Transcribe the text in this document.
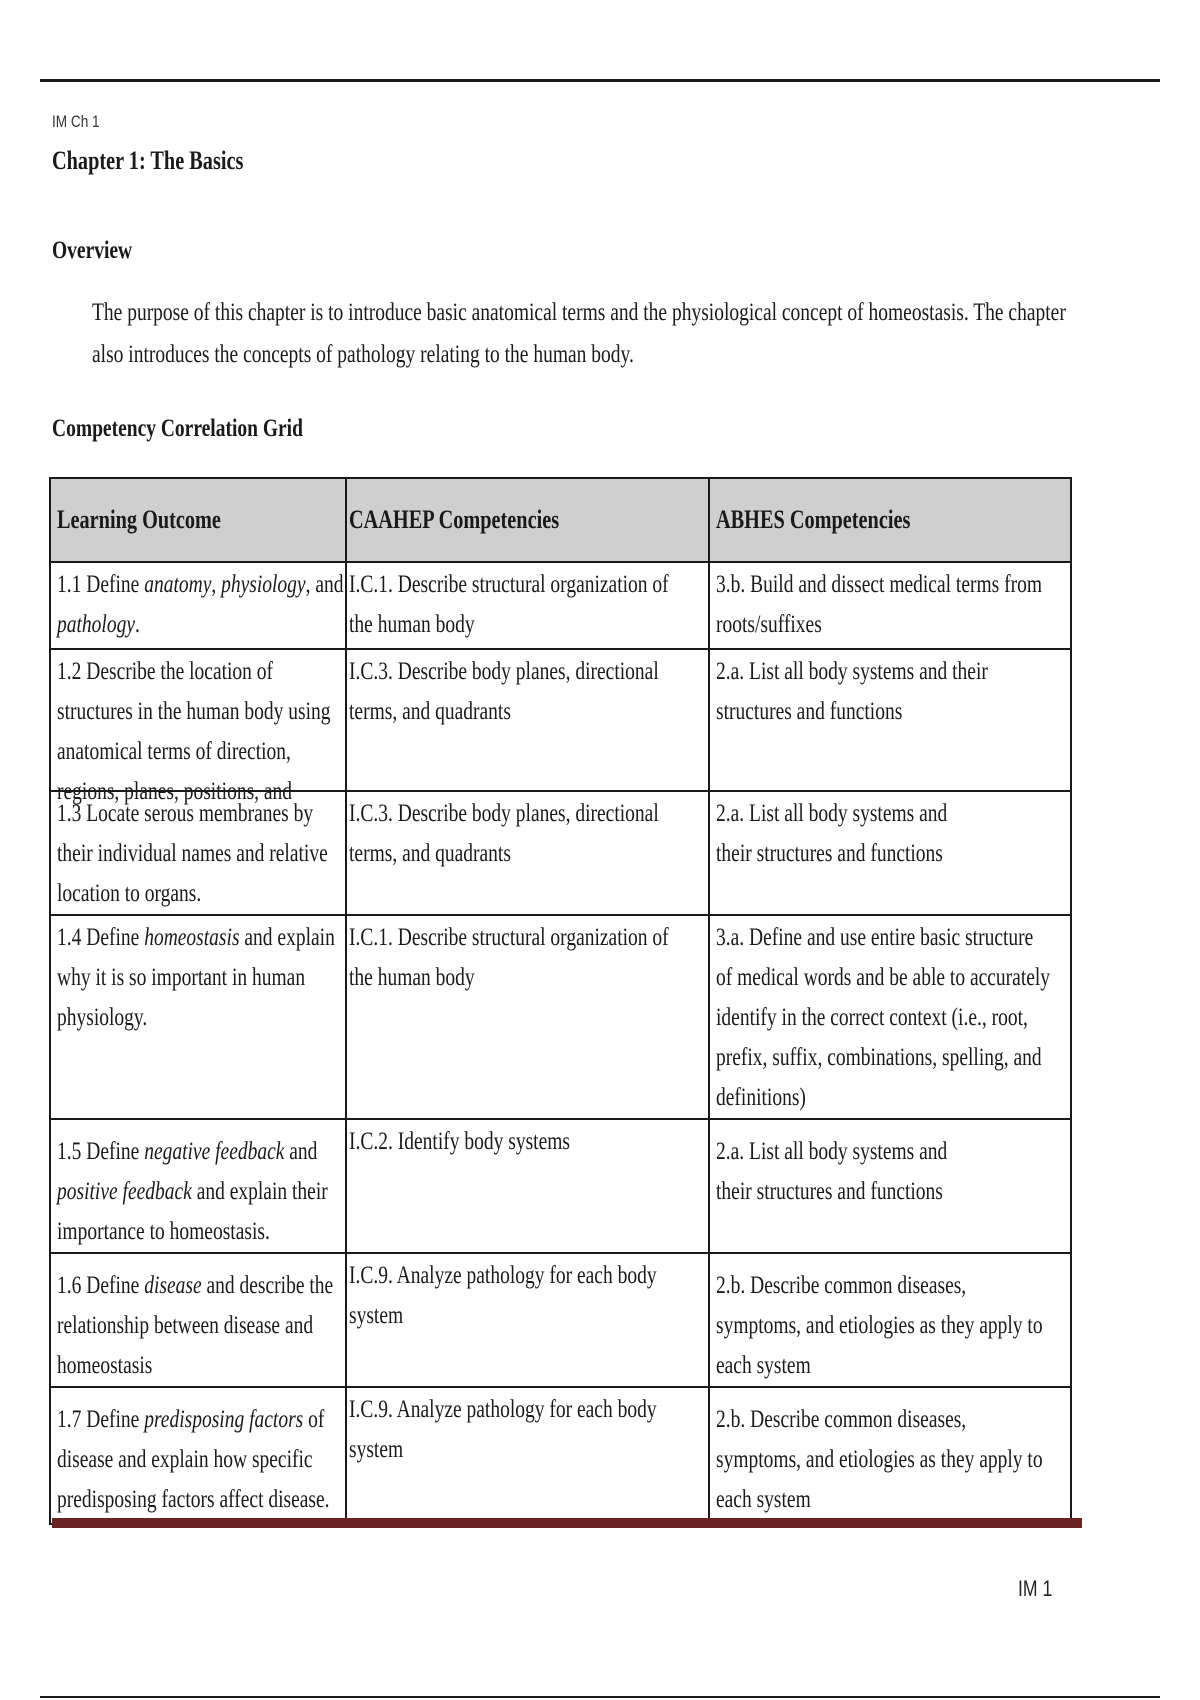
IM Ch 1
Chapter 1: The Basics
Overview
The purpose of this chapter is to introduce basic anatomical terms and the physiological concept of homeostasis. The chapter also introduces the concepts of pathology relating to the human body.
Competency Correlation Grid
Learning Outcome	CAAHEP Competencies	ABHES Competencies

1.1 Define anatomy, physiology, and pathology.	I.C.1. Describe structural organization of the human body	3.b. Build and dissect medical terms from roots/suffixes

1.2 Describe the location of structures in the human body using anatomical terms of direction, regions, planes, positions, and	I.C.3. Describe body planes, directional terms, and quadrants	2.a. List all body systems and their structures and functions

1.3 Locate serous membranes by their individual names and relative location to organs.	I.C.3. Describe body planes, directional terms, and quadrants	2.a. List all body systems and their structures and functions

1.4 Define homeostasis and explain why it is so important in human physiology.	I.C.1. Describe structural organization of the human body	3.a. Define and use entire basic structure of medical words and be able to accurately identify in the correct context (i.e., root, prefix, suffix, combinations, spelling, and definitions)

1.5 Define negative feedback and positive feedback and explain their importance to homeostasis.	I.C.2. Identify body systems	2.a. List all body systems and their structures and functions

1.6 Define disease and describe the relationship between disease and homeostasis	I.C.9. Analyze pathology for each body system	2.b. Describe common diseases, symptoms, and etiologies as they apply to each system

1.7 Define predisposing factors of disease and explain how specific predisposing factors affect disease.	I.C.9. Analyze pathology for each body system	2.b. Describe common diseases, symptoms, and etiologies as they apply to each system
IM 1
